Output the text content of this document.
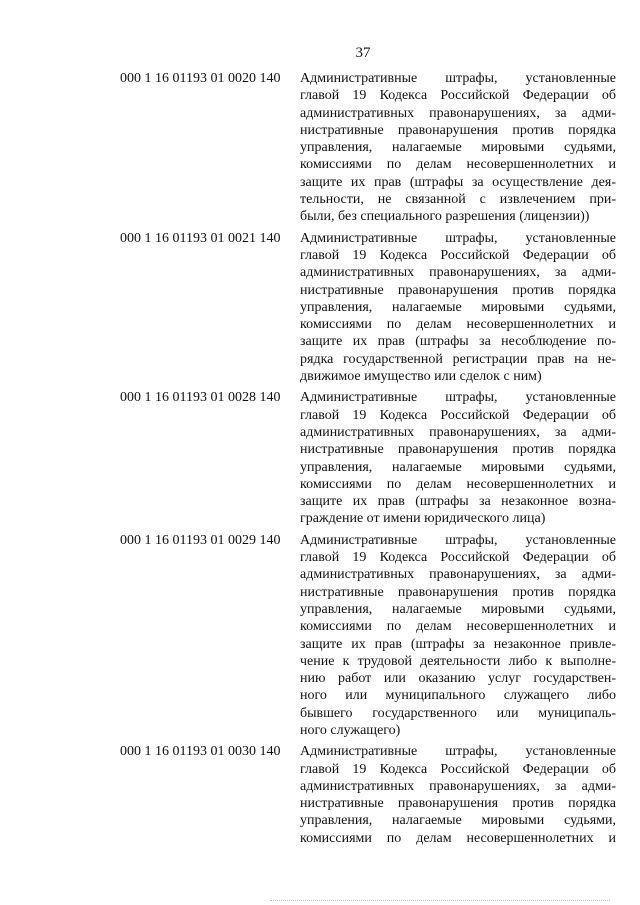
37
000 1 16 01193 01 0020 140	Административные штрафы, установленные
главой 19 Кодекса Российской Федерации об
административных правонарушениях, за адми-
нистративные правонарушения против порядка
управления, налагаемые мировыми судьями,
комиссиями по делам несовершеннолетних и
защите их прав (штрафы за осуществление дея-
тельности, не связанной с извлечением при-
были, без специального разрешения (лицензии))
000 1 16 01193 01 0021 140	Административные штрафы, установленные
главой 19 Кодекса Российской Федерации об
административных правонарушениях, за адми-
нистративные правонарушения против порядка
управления, налагаемые мировыми судьями,
комиссиями по делам несовершеннолетних и
защите их прав (штрафы за несоблюдение по-
рядка государственной регистрации прав на не-
движимое имущество или сделок с ним)
000 1 16 01193 01 0028 140	Административные штрафы, установленные
главой 19 Кодекса Российской Федерации об
административных правонарушениях, за адми-
нистративные правонарушения против порядка
управления, налагаемые мировыми судьями,
комиссиями по делам несовершеннолетних и
защите их прав (штрафы за незаконное возна-
граждение от имени юридического лица)
000 1 16 01193 01 0029 140	Административные штрафы, установленные
главой 19 Кодекса Российской Федерации об
административных правонарушениях, за адми-
нистративные правонарушения против порядка
управления, налагаемые мировыми судьями,
комиссиями по делам несовершеннолетних и
защите их прав (штрафы за незаконное привле-
чение к трудовой деятельности либо к выполне-
нию работ или оказанию услуг государствен-
ного или муниципального служащего либо
бывшего государственного или муниципаль-
ного служащего)
000 1 16 01193 01 0030 140	Административные штрафы, установленные
главой 19 Кодекса Российской Федерации об
административных правонарушениях, за адми-
нистративные правонарушения против порядка
управления, налагаемые мировыми судьями,
комиссиями по делам несовершеннолетних и
